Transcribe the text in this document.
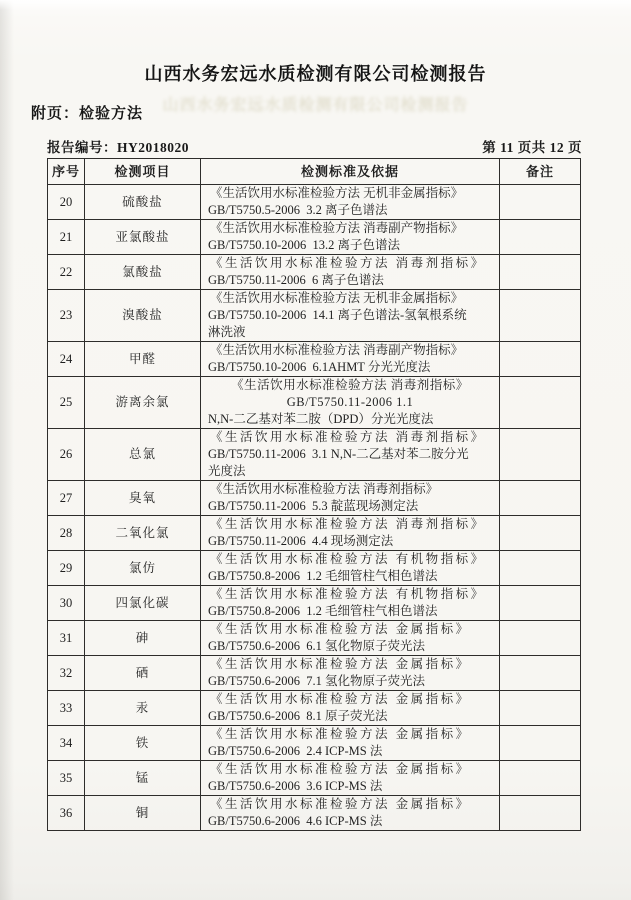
山西水务宏远水质检测有限公司检测报告
山西水务宏远水质检测有限公司检测报告
附页：检验方法
报告编号：HY2018020	第 11 页共 12 页
序号	检测项目	检测标准及依据	备注
20	硫酸盐	《生活饮用水标准检验方法 无机非金属指标》
GB/T5750.5-2006  3.2 离子色谱法	

21	亚氯酸盐	《生活饮用水标准检验方法 消毒副产物指标》
GB/T5750.10-2006  13.2 离子色谱法	

22	氯酸盐	《生活饮用水标准检验方法 消毒剂指标》
GB/T5750.11-2006  6 离子色谱法	

23	溴酸盐	《生活饮用水标准检验方法 无机非金属指标》
GB/T5750.10-2006  14.1 离子色谱法-氢氧根系统
淋洗液	

24	甲醛	《生活饮用水标准检验方法 消毒副产物指标》
GB/T5750.10-2006  6.1AHMT 分光光度法	

25	游离余氯	《生活饮用水标准检验方法 消毒剂指标》
GB/T5750.11-2006 1.1
N,N-二乙基对苯二胺（DPD）分光光度法	

26	总氯	《生活饮用水标准检验方法 消毒剂指标》
GB/T5750.11-2006  3.1 N,N-二乙基对苯二胺分光
光度法	

27	臭氧	《生活饮用水标准检验方法 消毒剂指标》
GB/T5750.11-2006  5.3 靛蓝现场测定法	

28	二氧化氯	《生活饮用水标准检验方法 消毒剂指标》
GB/T5750.11-2006  4.4 现场测定法	

29	氯仿	《生活饮用水标准检验方法 有机物指标》
GB/T5750.8-2006  1.2 毛细管柱气相色谱法	

30	四氯化碳	《生活饮用水标准检验方法 有机物指标》
GB/T5750.8-2006  1.2 毛细管柱气相色谱法	

31	砷	《生活饮用水标准检验方法 金属指标》
GB/T5750.6-2006  6.1 氢化物原子荧光法	

32	硒	《生活饮用水标准检验方法 金属指标》
GB/T5750.6-2006  7.1 氢化物原子荧光法	

33	汞	《生活饮用水标准检验方法 金属指标》
GB/T5750.6-2006  8.1 原子荧光法	

34	铁	《生活饮用水标准检验方法 金属指标》
GB/T5750.6-2006  2.4 ICP-MS 法	

35	锰	《生活饮用水标准检验方法 金属指标》
GB/T5750.6-2006  3.6 ICP-MS 法	

36	铜	《生活饮用水标准检验方法 金属指标》
GB/T5750.6-2006  4.6 ICP-MS 法	
